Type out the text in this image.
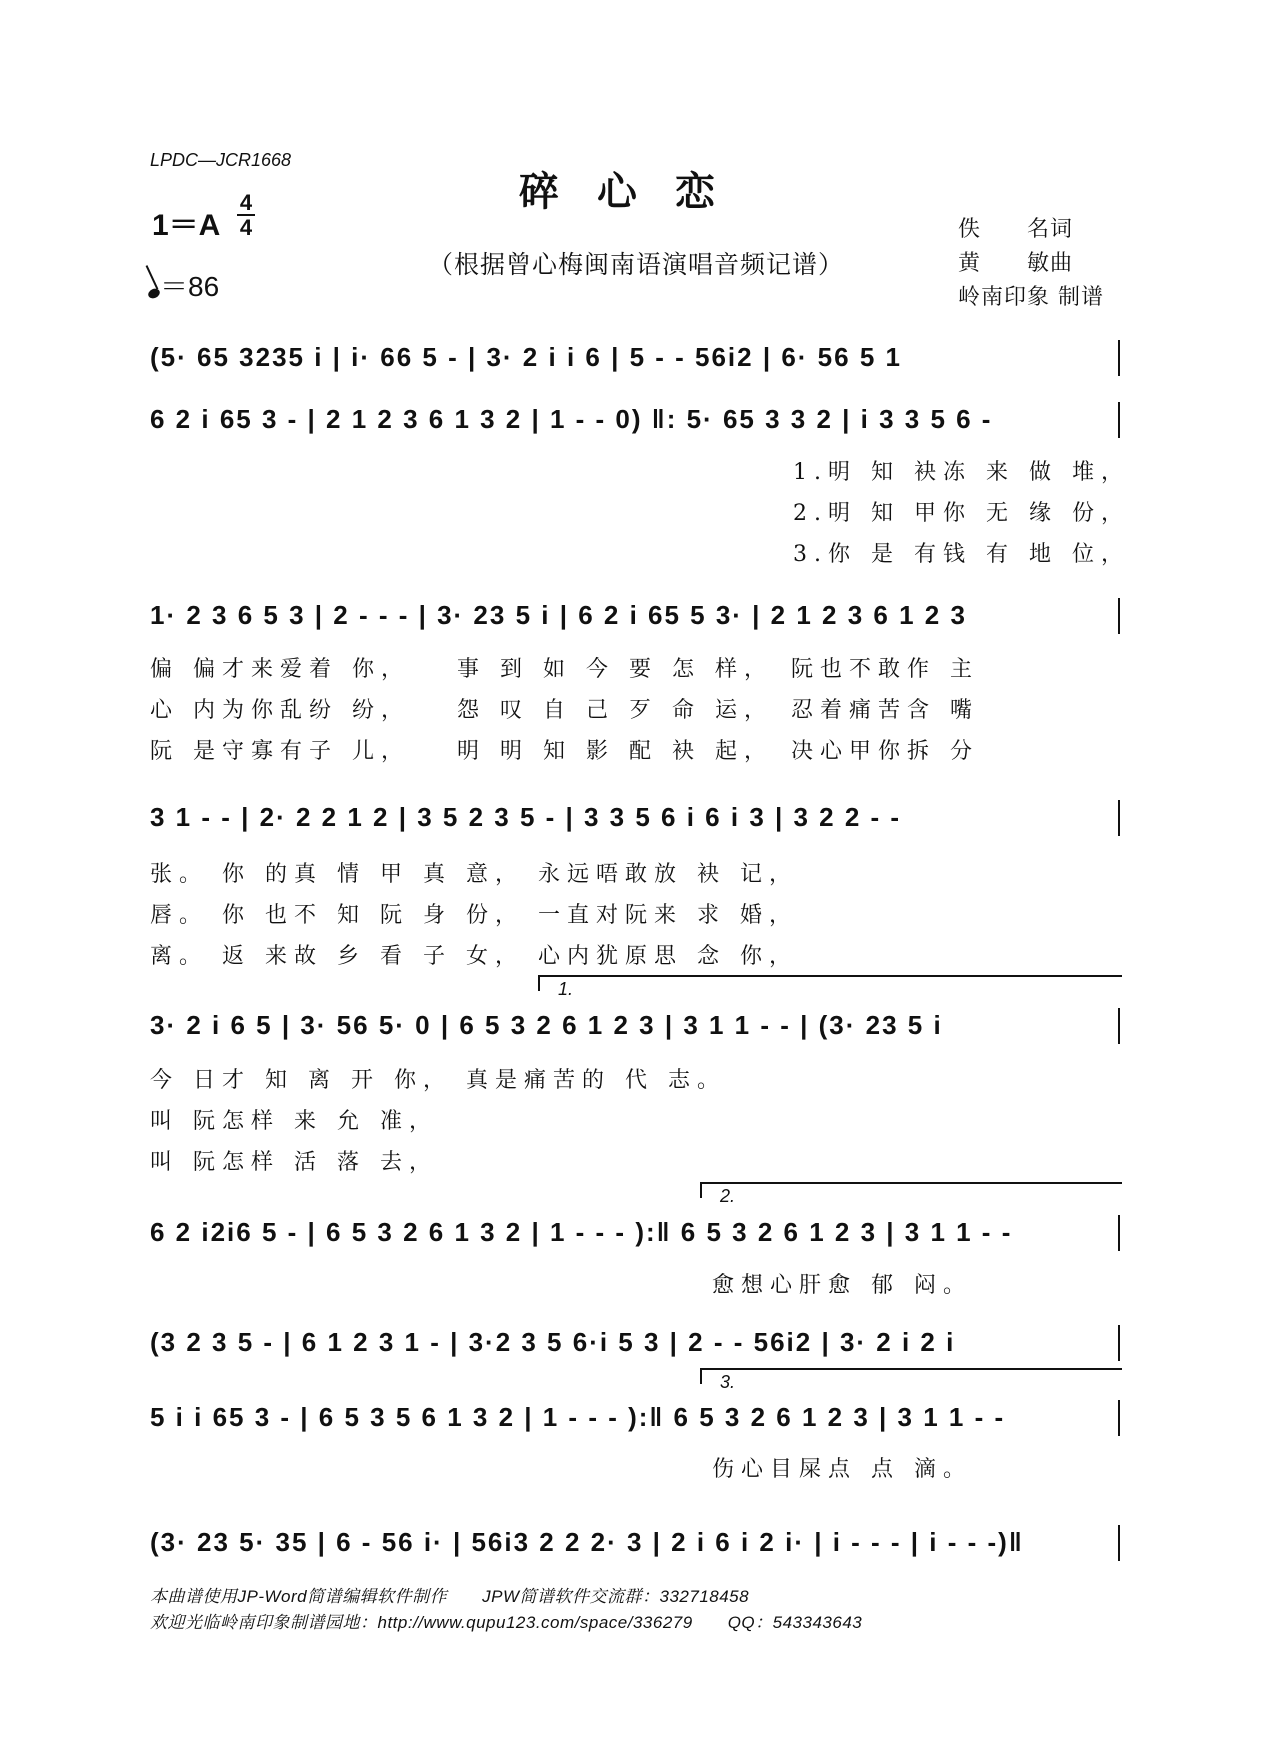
LPDC—JCR1668
碎心恋
1＝A
4
4
＝86
（根据曾心梅闽南语演唱音频记谱）
佚　　名词
黄　　敏曲
岭南印象 制谱
(5· 65 3235 i | i· 66 5 - | 3· 2 i i 6 | 5 - - 56i2 | 6· 56 5 1
6 2 i 65 3 - | 2 1 2 3 6 1 3 2 | 1 - - 0) ‖: 5· 65 3 3 2 | i 3 3 5 6 -
1.明 知 袂冻 来 做 堆，
2.明 知 甲你 无 缘 份，
3.你 是 有钱 有 地 位，
1· 2 3 6 5 3 | 2 - - - | 3· 23 5 i | 6 2 i 65 5 3· | 2 1 2 3 6 1 2 3
偏 偏才来爱着 你，　　事 到 如 今 要 怎 样，　阮也不敢作 主
心 内为你乱纷 纷，　　怨 叹 自 己 歹 命 运，　忍着痛苦含 嘴
阮 是守寡有子 儿，　　明 明 知 影 配 袂 起，　决心甲你拆 分
3 1 - - | 2· 2 2 1 2 | 3 5 2 3 5 - | 3 3 5 6 i 6 i 3 | 3 2 2 - -
张。 你 的真 情 甲 真 意， 永远唔敢放 袂 记，
唇。 你 也不 知 阮 身 份， 一直对阮来 求 婚，
离。 返 来故 乡 看 子 女， 心内犹原思 念 你，
1.
3· 2 i 6 5 | 3· 56 5· 0 | 6 5 3 2 6 1 2 3 | 3 1 1 - - | (3· 23 5 i
今 日才 知 离 开 你， 真是痛苦的 代 志。
叫 阮怎样 来 允 准，
叫 阮怎样 活 落 去，
2.
6 2 i2i6 5 - | 6 5 3 2 6 1 3 2 | 1 - - - ):‖ 6 5 3 2 6 1 2 3 | 3 1 1 - -
愈想心肝愈 郁 闷。
(3 2 3 5 - | 6 1 2 3 1 - | 3·2 3 5 6·i 5 3 | 2 - - 56i2 | 3· 2 i 2 i
3.
5 i i 65 3 - | 6 5 3 5 6 1 3 2 | 1 - - - ):‖ 6 5 3 2 6 1 2 3 | 3 1 1 - -
伤心目屎点 点 滴。
(3· 23 5· 35 | 6 - 56 i· | 56i3 2 2 2· 3 | 2 i 6 i 2 i· | i - - - | i - - -)‖
本曲谱使用JP-Word简谱编辑软件制作　　JPW简谱软件交流群：332718458
欢迎光临岭南印象制谱园地：http://www.qupu123.com/space/336279　　QQ：543343643
